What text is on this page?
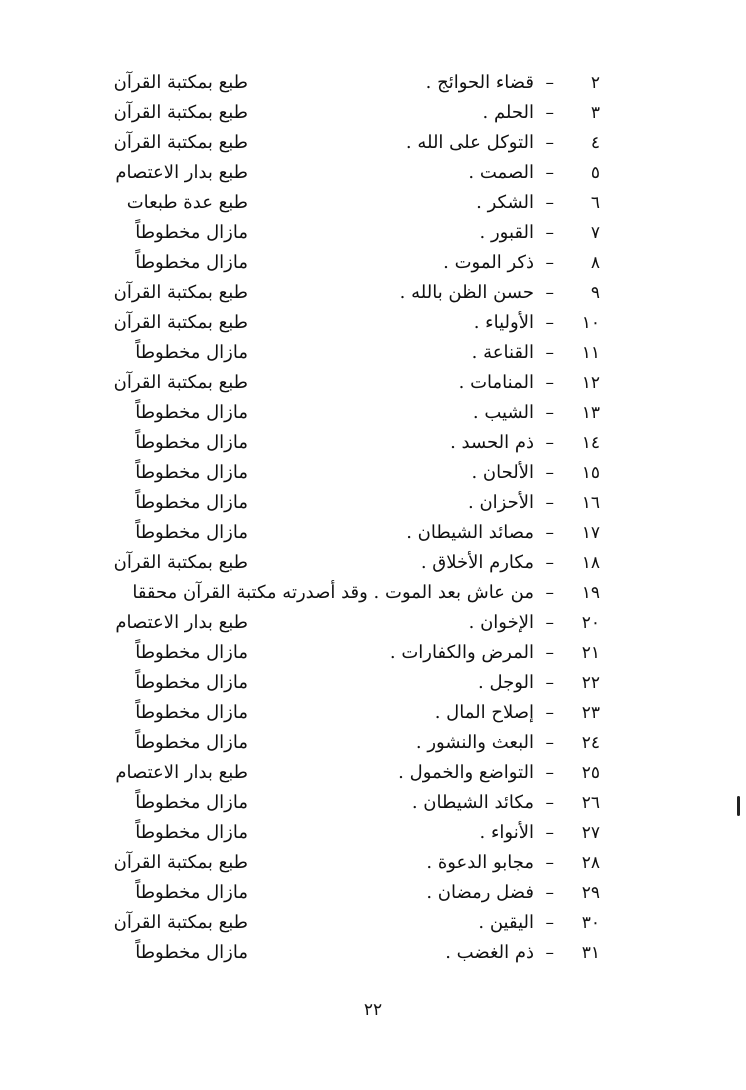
٢
–
قضاء الحوائج .
طبع بمكتبة القرآن
٣
–
الحلم .
طبع بمكتبة القرآن
٤
–
التوكل على الله .
طبع بمكتبة القرآن
٥
–
الصمت .
طبع بدار الاعتصام
٦
–
الشكر .
طبع عدة طبعات
٧
–
القبور .
مازال مخطوطاً
٨
–
ذكر الموت .
مازال مخطوطاً
٩
–
حسن الظن بالله .
طبع بمكتبة القرآن
١٠
–
الأولياء .
طبع بمكتبة القرآن
١١
–
القناعة .
مازال مخطوطاً
١٢
–
المنامات .
طبع بمكتبة القرآن
١٣
–
الشيب .
مازال مخطوطاً
١٤
–
ذم الحسد .
مازال مخطوطاً
١٥
–
الألحان .
مازال مخطوطاً
١٦
–
الأحزان .
مازال مخطوطاً
١٧
–
مصائد الشيطان .
مازال مخطوطاً
١٨
–
مكارم الأخلاق .
طبع بمكتبة القرآن
١٩
–
من عاش بعد الموت . وقد أصدرته مكتبة القرآن محققا
٢٠
–
الإخوان .
طبع بدار الاعتصام
٢١
–
المرض والكفارات .
مازال مخطوطاً
٢٢
–
الوجل .
مازال مخطوطاً
٢٣
–
إصلاح المال .
مازال مخطوطاً
٢٤
–
البعث والنشور .
مازال مخطوطاً
٢٥
–
التواضع والخمول .
طبع بدار الاعتصام
٢٦
–
مكائد الشيطان .
مازال مخطوطاً
٢٧
–
الأنواء .
مازال مخطوطاً
٢٨
–
مجابو الدعوة .
طبع بمكتبة القرآن
٢٩
–
فضل رمضان .
مازال مخطوطاً
٣٠
–
اليقين .
طبع بمكتبة القرآن
٣١
–
ذم الغضب .
مازال مخطوطاً
٢٢
